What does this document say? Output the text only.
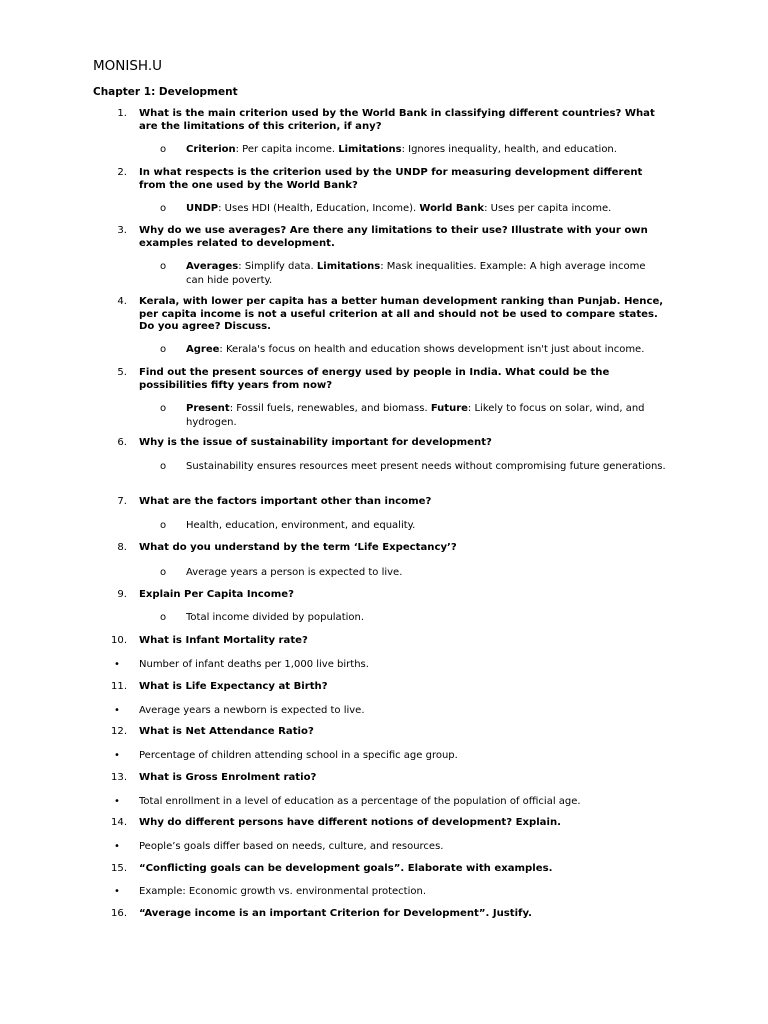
MONISH.U

Chapter 1: Development

1. What is the main criterion used by the World Bank in classifying different countries? What are the limitations of this criterion, if any?
o Criterion: Per capita income. Limitations: Ignores inequality, health, and education.
2. In what respects is the criterion used by the UNDP for measuring development different from the one used by the World Bank?
o UNDP: Uses HDI (Health, Education, Income). World Bank: Uses per capita income.
3. Why do we use averages? Are there any limitations to their use? Illustrate with your own examples related to development.
o Averages: Simplify data. Limitations: Mask inequalities. Example: A high average income can hide poverty.
4. Kerala, with lower per capita has a better human development ranking than Punjab. Hence, per capita income is not a useful criterion at all and should not be used to compare states. Do you agree? Discuss.
o Agree: Kerala's focus on health and education shows development isn't just about income.
5. Find out the present sources of energy used by people in India. What could be the possibilities fifty years from now?
o Present: Fossil fuels, renewables, and biomass. Future: Likely to focus on solar, wind, and hydrogen.
6. Why is the issue of sustainability important for development?
o Sustainability ensures resources meet present needs without compromising future generations.
7. What are the factors important other than income?
o Health, education, environment, and equality.
8. What do you understand by the term ‘Life Expectancy’?
o Average years a person is expected to live.
9. Explain Per Capita Income?
o Total income divided by population.
10. What is Infant Mortality rate?
• Number of infant deaths per 1,000 live births.
11. What is Life Expectancy at Birth?
• Average years a newborn is expected to live.
12. What is Net Attendance Ratio?
• Percentage of children attending school in a specific age group.
13. What is Gross Enrolment ratio?
• Total enrollment in a level of education as a percentage of the population of official age.
14. Why do different persons have different notions of development? Explain.
• People’s goals differ based on needs, culture, and resources.
15. “Conflicting goals can be development goals”. Elaborate with examples.
• Example: Economic growth vs. environmental protection.
16. “Average income is an important Criterion for Development”. Justify.
